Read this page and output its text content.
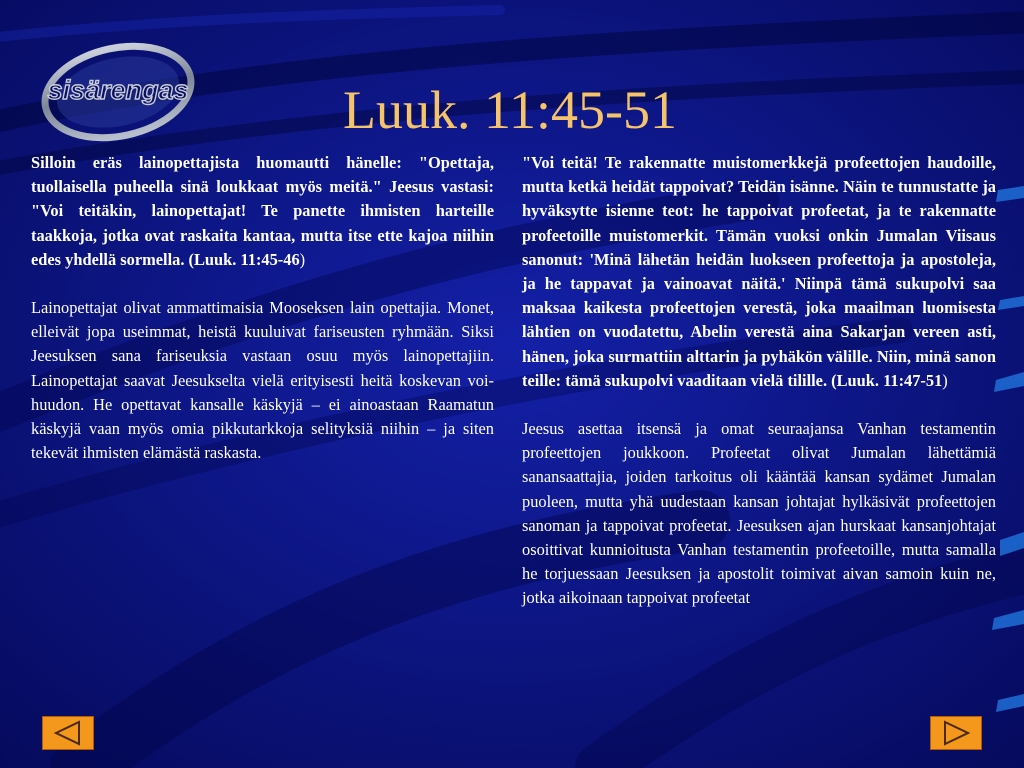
sisärengas	Luuk. 11:45-51

Silloin eräs lainopettajista huomautti hänelle: "Opettaja, tuollaisella puheella sinä loukkaat myös meitä." Jeesus vastasi: "Voi teitäkin, lainopettajat! Te panette ihmisten harteille taakkoja, jotka ovat raskaita kantaa, mutta itse ette kajoa niihin edes yhdellä sormella. (Luuk. 11:45-46)

Lainopettajat olivat ammattimaisia Mooseksen lain opettajia. Monet, elleivät jopa useimmat, heistä kuuluivat fariseusten ryhmään. Siksi Jeesuksen sana fariseuksia vastaan osuu myös lainopettajiin. Lainopettajat saavat Jeesukselta vielä erityisesti heitä koskevan voi-huudon. He opettavat kansalle käskyjä – ei ainoastaan Raamatun käskyjä vaan myös omia pikkutarkkoja selityksiä niihin – ja siten tekevät ihmisten elämästä raskasta.

"Voi teitä! Te rakennatte muistomerkkejä profeettojen haudoille, mutta ketkä heidät tappoivat? Teidän isänne. Näin te tunnustatte ja hyväksytte isienne teot: he tappoivat profeetat, ja te rakennatte profeetoille muistomerkit. Tämän vuoksi onkin Jumalan Viisaus sanonut: 'Minä lähetän heidän luokseen profeettoja ja apostoleja, ja he tappavat ja vainoavat näitä.' Niinpä tämä sukupolvi saa maksaa kaikesta profeettojen verestä, joka maailman luomisesta lähtien on vuodatettu, Abelin verestä aina Sakarjan vereen asti, hänen, joka surmattiin alttarin ja pyhäkön välille. Niin, minä sanon teille: tämä sukupolvi vaaditaan vielä tilille. (Luuk. 11:47-51)

Jeesus asettaa itsensä ja omat seuraajansa Vanhan testamentin profeettojen joukkoon. Profeetat olivat Jumalan lähettämiä sanansaattajia, joiden tarkoitus oli kääntää kansan sydämet Jumalan puoleen, mutta yhä uudestaan kansan johtajat hylkäsivät profeettojen sanoman ja tappoivat profeetat. Jeesuksen ajan hurskaat kansanjohtajat osoittivat kunnioitusta Vanhan testamentin profeetoille, mutta samalla he torjuessaan Jeesuksen ja apostolit toimivat aivan samoin kuin ne, jotka aikoinaan tappoivat profeetat
